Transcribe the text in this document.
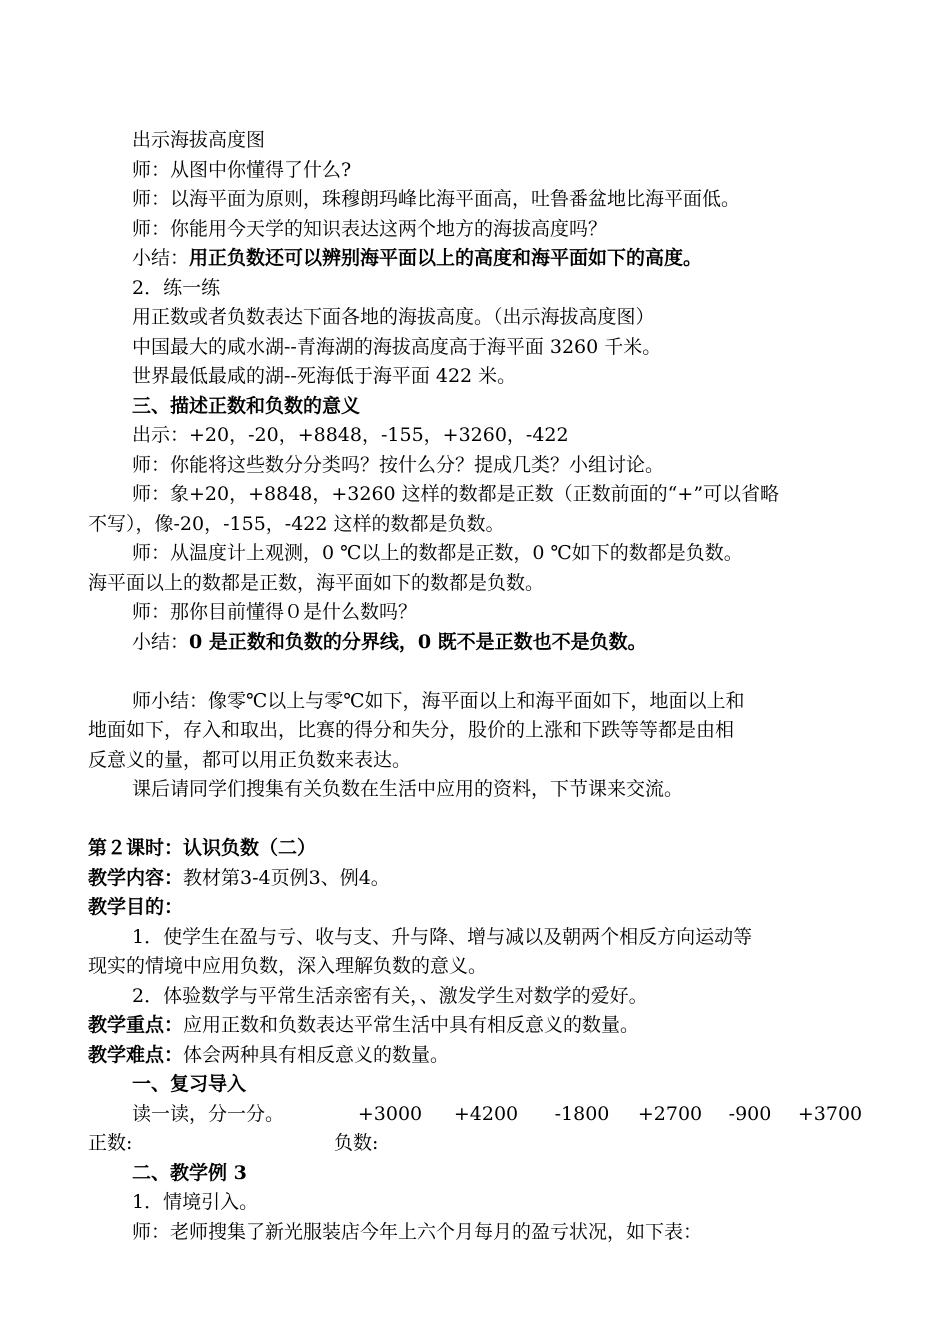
出示海拔高度图
师：从图中你懂得了什么?
师：以海平面为原则，珠穆朗玛峰比海平面高，吐鲁番盆地比海平面低。
师：你能用今天学的知识表达这两个地方的海拔高度吗？
小结：用正负数还可以辨别海平面以上的高度和海平面如下的高度。
2．练一练
用正数或者负数表达下面各地的海拔高度。（出示海拔高度图）
中国最大的咸水湖--青海湖的海拔高度高于海平面 3260 千米。
世界最低最咸的湖--死海低于海平面 422 米。
三、描述正数和负数的意义
出示：+20，-20，+8848，-155，+3260，-422
师：你能将这些数分分类吗？按什么分？提成几类？小组讨论。
师：象+20，+8848，+3260 这样的数都是正数（正数前面的“+”可以省略
不写），像-20，-155，-422 这样的数都是负数。
师：从温度计上观测，0 ℃以上的数都是正数，0 ℃如下的数都是负数。
海平面以上的数都是正数，海平面如下的数都是负数。
师：那你目前懂得０是什么数吗？
小结：0 是正数和负数的分界线，0 既不是正数也不是负数。
师小结：像零℃以上与零℃如下，海平面以上和海平面如下，地面以上和
地面如下，存入和取出，比赛的得分和失分，股价的上涨和下跌等等都是由相
反意义的量，都可以用正负数来表达。
课后请同学们搜集有关负数在生活中应用的资料，下节课来交流。
第２课时：认识负数（二）
教学内容：教材第3-4页例3、例4。
教学目的：
1．使学生在盈与亏、收与支、升与降、增与减以及朝两个相反方向运动等
现实的情境中应用负数，深入理解负数的意义。
2．体验数学与平常生活亲密有关，、激发学生对数学的爱好。
教学重点：应用正数和负数表达平常生活中具有相反意义的数量。
教学难点：体会两种具有相反意义的数量。
一、复习导入
读一读，分一分。	+3000	+4200	-1800	+2700	-900	+3700
正数:	负数:
二、教学例 3
1．情境引入。
师：老师搜集了新光服装店今年上六个月每月的盈亏状况，如下表：
